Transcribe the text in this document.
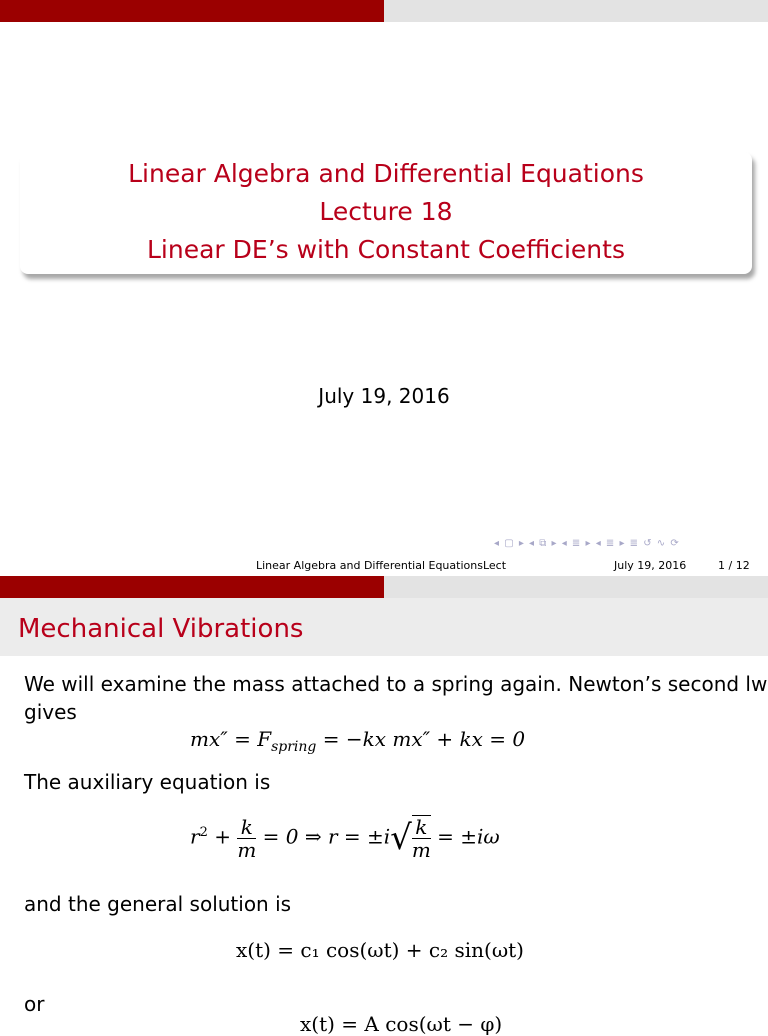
Linear Algebra and Differential Equations
Lecture 18
Linear DE’s with Constant Coefficients
July 19, 2016
◂ ▢ ▸ ◂ ⧉ ▸ ◂ ≣ ▸ ◂ ≣ ▸ ≣ ↺ ∿ ⟳
Linear Algebra and Differential EquationsLect	July 19, 2016	1 / 12
Mechanical Vibrations
We will examine the mass attached to a spring again. Newton’s second lw
gives
$mx'' = F_{spring} = -kx$ mx″ + kx = 0
The auxiliary equation is
$r^2 + \frac{k}{m} = 0$ ⇒ $r = \pm i√ \frac{k}{m} = \pm i\omega$
and the general solution is
x(t) = c₁ cos(ωt) + c₂ sin(ωt)
or
x(t) = A cos(ωt − φ)
